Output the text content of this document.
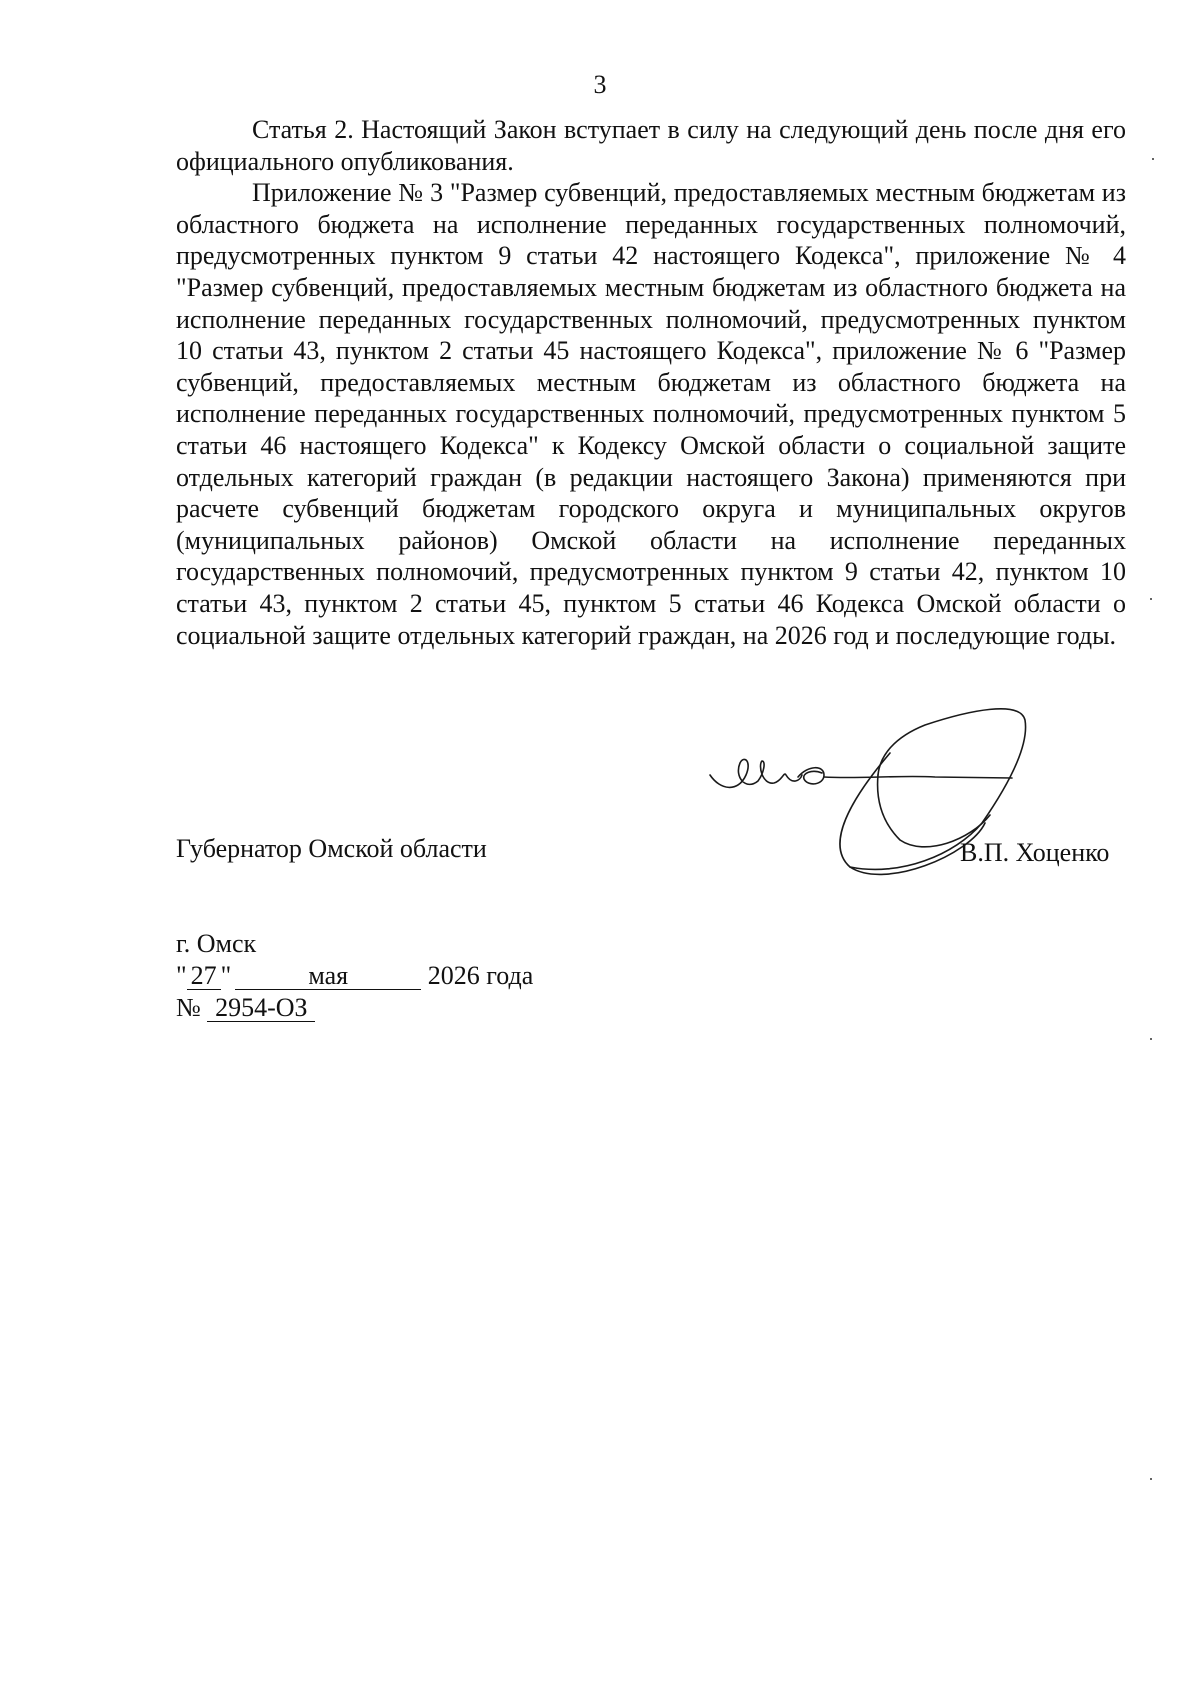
3

Статья 2. Настоящий Закон вступает в силу на следующий день после дня его официального опубликования.

Приложение № 3 "Размер субвенций, предоставляемых местным бюджетам из областного бюджета на исполнение переданных государственных полномочий, предусмотренных пунктом 9 статьи 42 настоящего Кодекса", приложение № 4 "Размер субвенций, предоставляемых местным бюджетам из областного бюджета на исполнение переданных государственных полномочий, предусмотренных пунктом 10 статьи 43, пунктом 2 статьи 45 настоящего Кодекса", приложение № 6 "Размер субвенций, предоставляемых местным бюджетам из областного бюджета на исполнение переданных государственных полномочий, предусмотренных пунктом 5 статьи 46 настоящего Кодекса" к Кодексу Омской области о социальной защите отдельных категорий граждан (в редакции настоящего Закона) применяются при расчете субвенций бюджетам городского округа и муниципальных округов (муниципальных районов) Омской области на исполнение переданных государственных полномочий, предусмотренных пунктом 9 статьи 42, пунктом 10 статьи 43, пунктом 2 статьи 45, пунктом 5 статьи 46 Кодекса Омской области о социальной защите отдельных категорий граждан, на 2026 год и последующие годы.

Губернатор Омской области	В.П. Хоценко
г. Омск
" 27 "	мая	2026 года
№ 2954-ОЗ
